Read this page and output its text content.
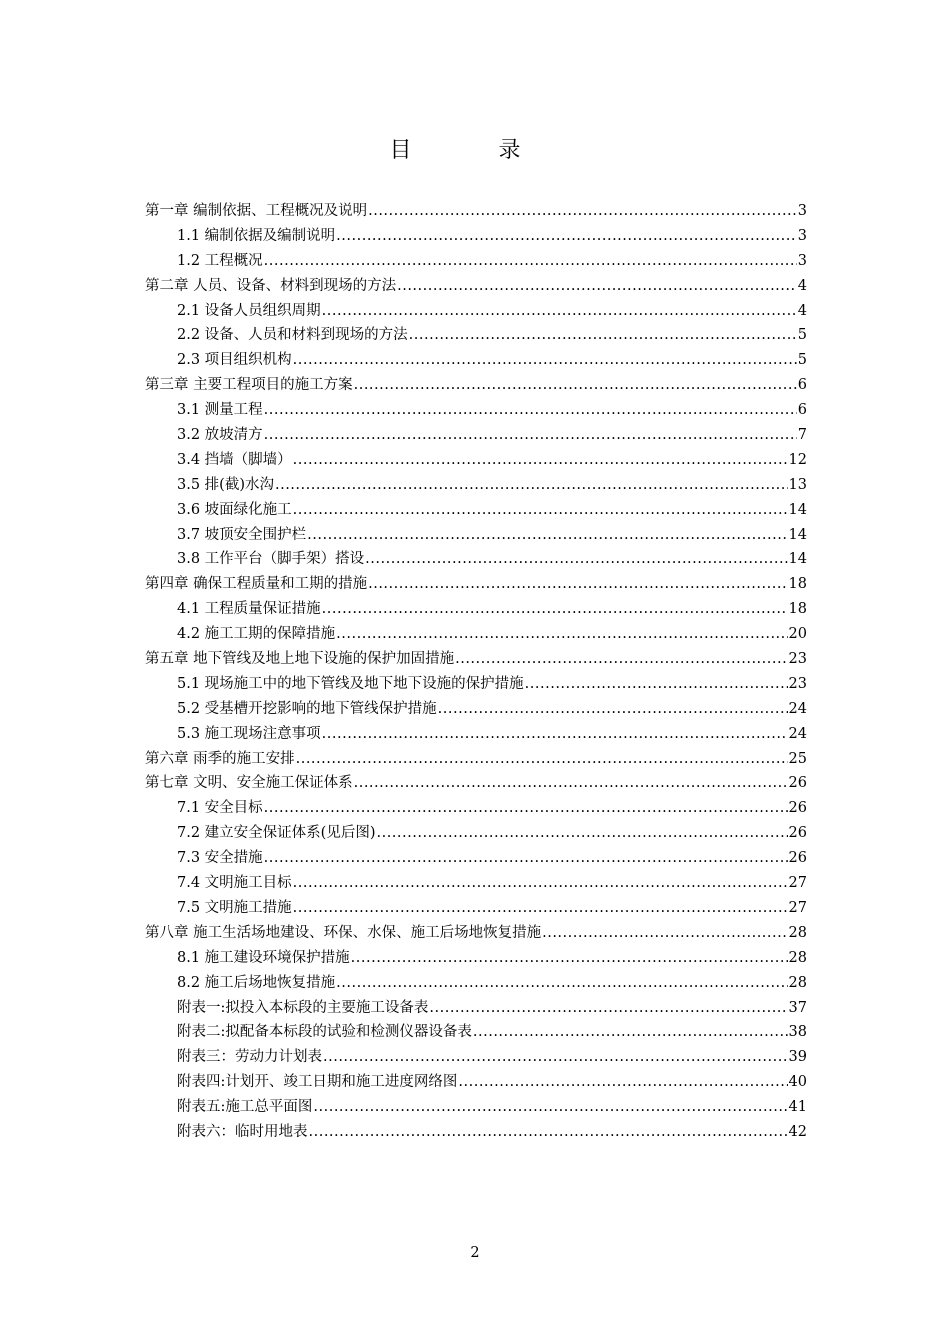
目 录
第一章 编制依据、工程概况及说明 .....	3
1.1 编制依据及编制说明 .....	3
1.2 工程概况 .....	3
第二章 人员、设备、材料到现场的方法 .....	4
2.1 设备人员组织周期 .....	4
2.2 设备、人员和材料到现场的方法 .....	5
2.3 项目组织机构 .....	5
第三章 主要工程项目的施工方案 .....	6
3.1 测量工程 .....	6
3.2 放坡清方 .....	7
3.4 挡墙（脚墙） .....	12
3.5 排(截)水沟 .....	13
3.6 坡面绿化施工 .....	14
3.7 坡顶安全围护栏 .....	14
3.8 工作平台（脚手架）搭设 .....	14
第四章 确保工程质量和工期的措施 .....	18
4.1 工程质量保证措施 .....	18
4.2 施工工期的保障措施 .....	20
第五章 地下管线及地上地下设施的保护加固措施 .....	23
5.1 现场施工中的地下管线及地下地下设施的保护措施 .....	23
5.2 受基槽开挖影响的地下管线保护措施 .....	24
5.3 施工现场注意事项 .....	24
第六章 雨季的施工安排 .....	25
第七章 文明、安全施工保证体系 .....	26
7.1 安全目标 .....	26
7.2 建立安全保证体系(见后图) .....	26
7.3 安全措施 .....	26
7.4 文明施工目标 .....	27
7.5 文明施工措施 .....	27
第八章 施工生活场地建设、环保、水保、施工后场地恢复措施 .....	28
8.1 施工建设环境保护措施 .....	28
8.2 施工后场地恢复措施 .....	28
附表一:拟投入本标段的主要施工设备表 .....	37
附表二:拟配备本标段的试验和检测仪器设备表 .....	38
附表三：劳动力计划表 .....	39
附表四:计划开、竣工日期和施工进度网络图 .....	40
附表五:施工总平面图 .....	41
附表六：临时用地表 .....	42
2
